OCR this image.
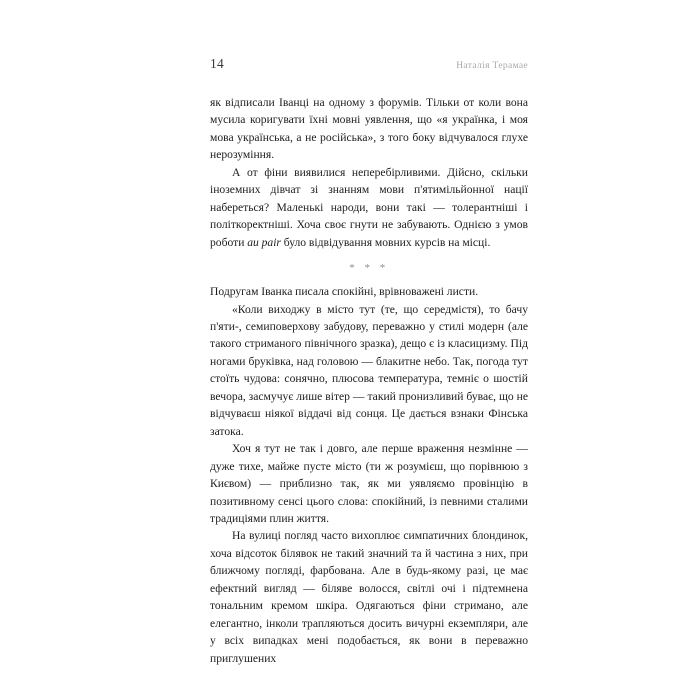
14	Наталія Терамае

як відписали Іванці на одному з форумів. Тільки от коли вона мусила коригувати їхні мовні уявлення, що «я українка, і моя мова українська, а не російська», з того боку відчувалося глухе нерозуміння.

А от фіни виявилися неперебірливими. Дійсно, скільки іноземних дівчат зі знанням мови п'ятимільйонної нації набереться? Маленькі народи, вони такі — толерантніші і політкоректніші. Хоча своє гнути не забувають. Однією з умов роботи au pair було відвідування мовних курсів на місці.

* * *

Подругам Іванка писала спокійні, врівноважені листи.

«Коли виходжу в місто тут (те, що середмістя), то бачу п'яти-, семиповерхову забудову, переважно у стилі модерн (але такого стриманого північного зразка), дещо є із класицизму. Під ногами бруківка, над головою — блакитне небо. Так, погода тут стоїть чудова: сонячно, плюсова температура, темніє о шостій вечора, засмучує лише вітер — такий пронизливий буває, що не відчуваєш ніякої віддачі від сонця. Це дається взнаки Фінська затока.

Хоч я тут не так і довго, але перше враження незмінне — дуже тихе, майже пусте місто (ти ж розумієш, що порівнюю з Києвом) — приблизно так, як ми уявляємо провінцію в позитивному сенсі цього слова: спокійний, із певними сталими традиціями плин життя.

На вулиці погляд часто вихоплює симпатичних блондинок, хоча відсоток білявок не такий значний та й частина з них, при ближчому погляді, фарбована. Але в будь-якому разі, це має ефектний вигляд — біляве волосся, світлі очі і підтемнена тональним кремом шкіра. Одягаються фіни стримано, але елегантно, інколи трапляються досить вичурні екземпляри, але у всіх випадках мені подобається, як вони в переважно приглушених
